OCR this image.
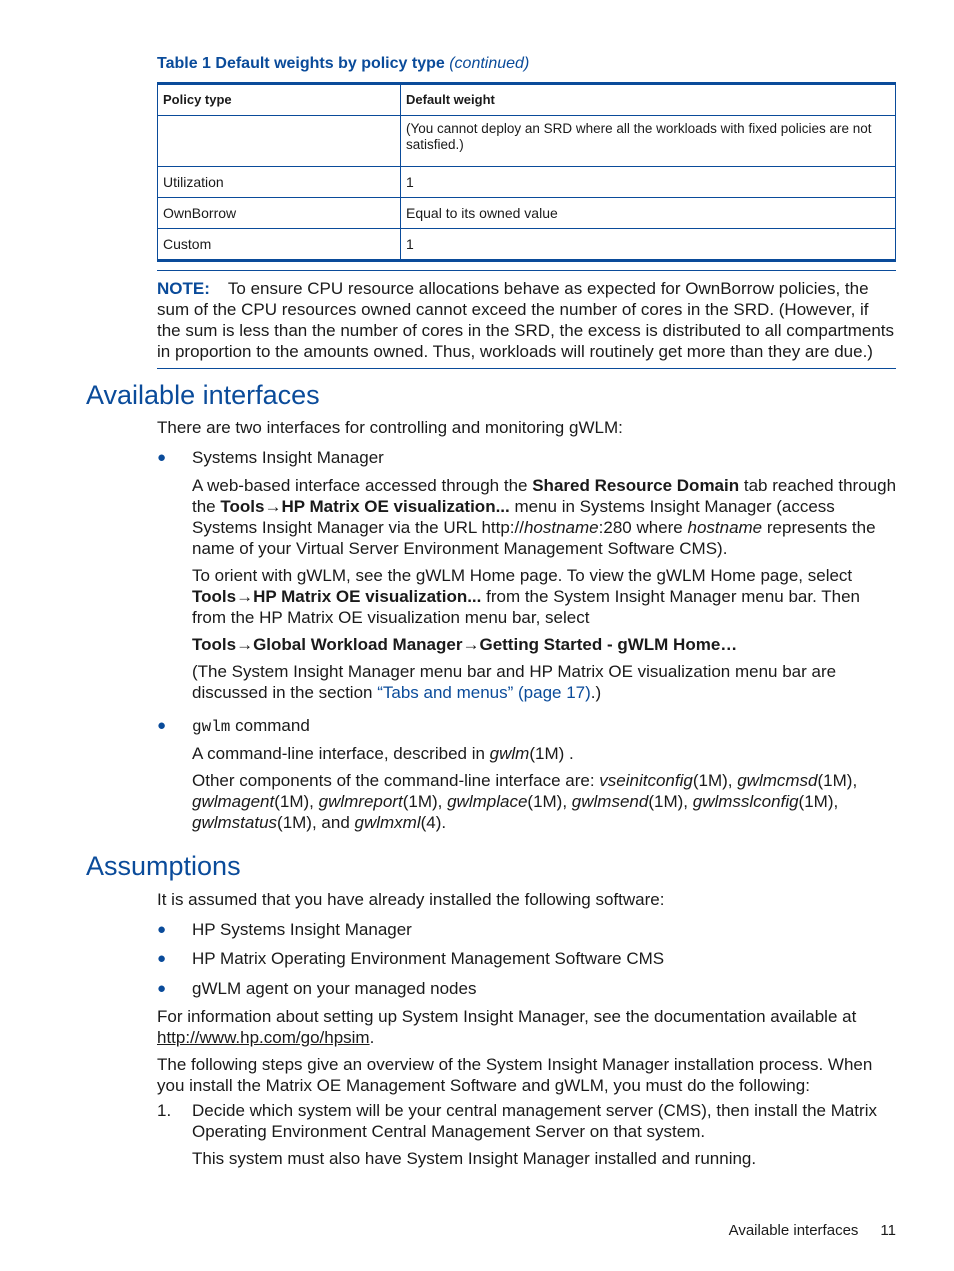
Table 1 Default weights by policy type (continued)
Policy type	Default weight
	(You cannot deploy an SRD where all the workloads with fixed policies are not satisfied.)
Utilization	1
OwnBorrow	Equal to its owned value
Custom	1
NOTE: To ensure CPU resource allocations behave as expected for OwnBorrow policies, the sum of the CPU resources owned cannot exceed the number of cores in the SRD. (However, if the sum is less than the number of cores in the SRD, the excess is distributed to all compartments in proportion to the amounts owned. Thus, workloads will routinely get more than they are due.)
Available interfaces

There are two interfaces for controlling and monitoring gWLM:

● Systems Insight Manager

A web-based interface accessed through the Shared Resource Domain tab reached through the Tools→HP Matrix OE visualization... menu in Systems Insight Manager (access Systems Insight Manager via the URL http://hostname:280 where hostname represents the name of your Virtual Server Environment Management Software CMS).

To orient with gWLM, see the gWLM Home page. To view the gWLM Home page, select Tools→HP Matrix OE visualization... from the System Insight Manager menu bar. Then from the HP Matrix OE visualization menu bar, select

Tools→Global Workload Manager→Getting Started - gWLM Home…

(The System Insight Manager menu bar and HP Matrix OE visualization menu bar are discussed in the section “Tabs and menus” (page 17).)

● gwlm command

A command-line interface, described in gwlm(1M) .

Other components of the command-line interface are: vseinitconfig(1M), gwlmcmsd(1M), gwlmagent(1M), gwlmreport(1M), gwlmplace(1M), gwlmsend(1M), gwlmsslconfig(1M), gwlmstatus(1M), and gwlmxml(4).

Assumptions

It is assumed that you have already installed the following software:

● HP Systems Insight Manager
● HP Matrix Operating Environment Management Software CMS
● gWLM agent on your managed nodes

For information about setting up System Insight Manager, see the documentation available at http://www.hp.com/go/hpsim.

The following steps give an overview of the System Insight Manager installation process. When you install the Matrix OE Management Software and gWLM, you must do the following:

1. Decide which system will be your central management server (CMS), then install the Matrix Operating Environment Central Management Server on that system.

This system must also have System Insight Manager installed and running.

Available interfaces 11
